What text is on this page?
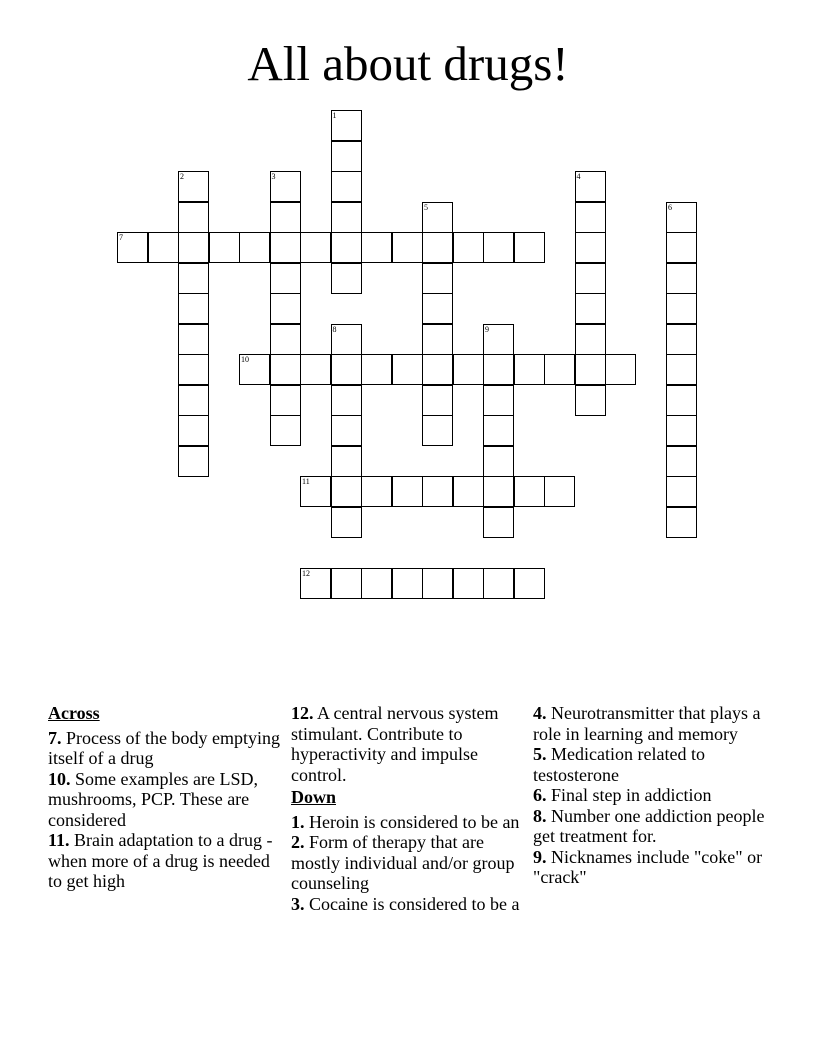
All about drugs!
1
2	3	4
5	6
7
8	9
10
11
12
Across
7. Process of the body emptying itself of a drug
10. Some examples are LSD, mushrooms, PCP. These are considered
11. Brain adaptation to a drug - when more of a drug is needed to get high
12. A central nervous system stimulant. Contribute to hyperactivity and impulse control.
Down
1. Heroin is considered to be an
2. Form of therapy that are mostly individual and/or group counseling
3. Cocaine is considered to be a
4. Neurotransmitter that plays a role in learning and memory
5. Medication related to testosterone
6. Final step in addiction
8. Number one addiction people get treatment for.
9. Nicknames include "coke" or "crack"
